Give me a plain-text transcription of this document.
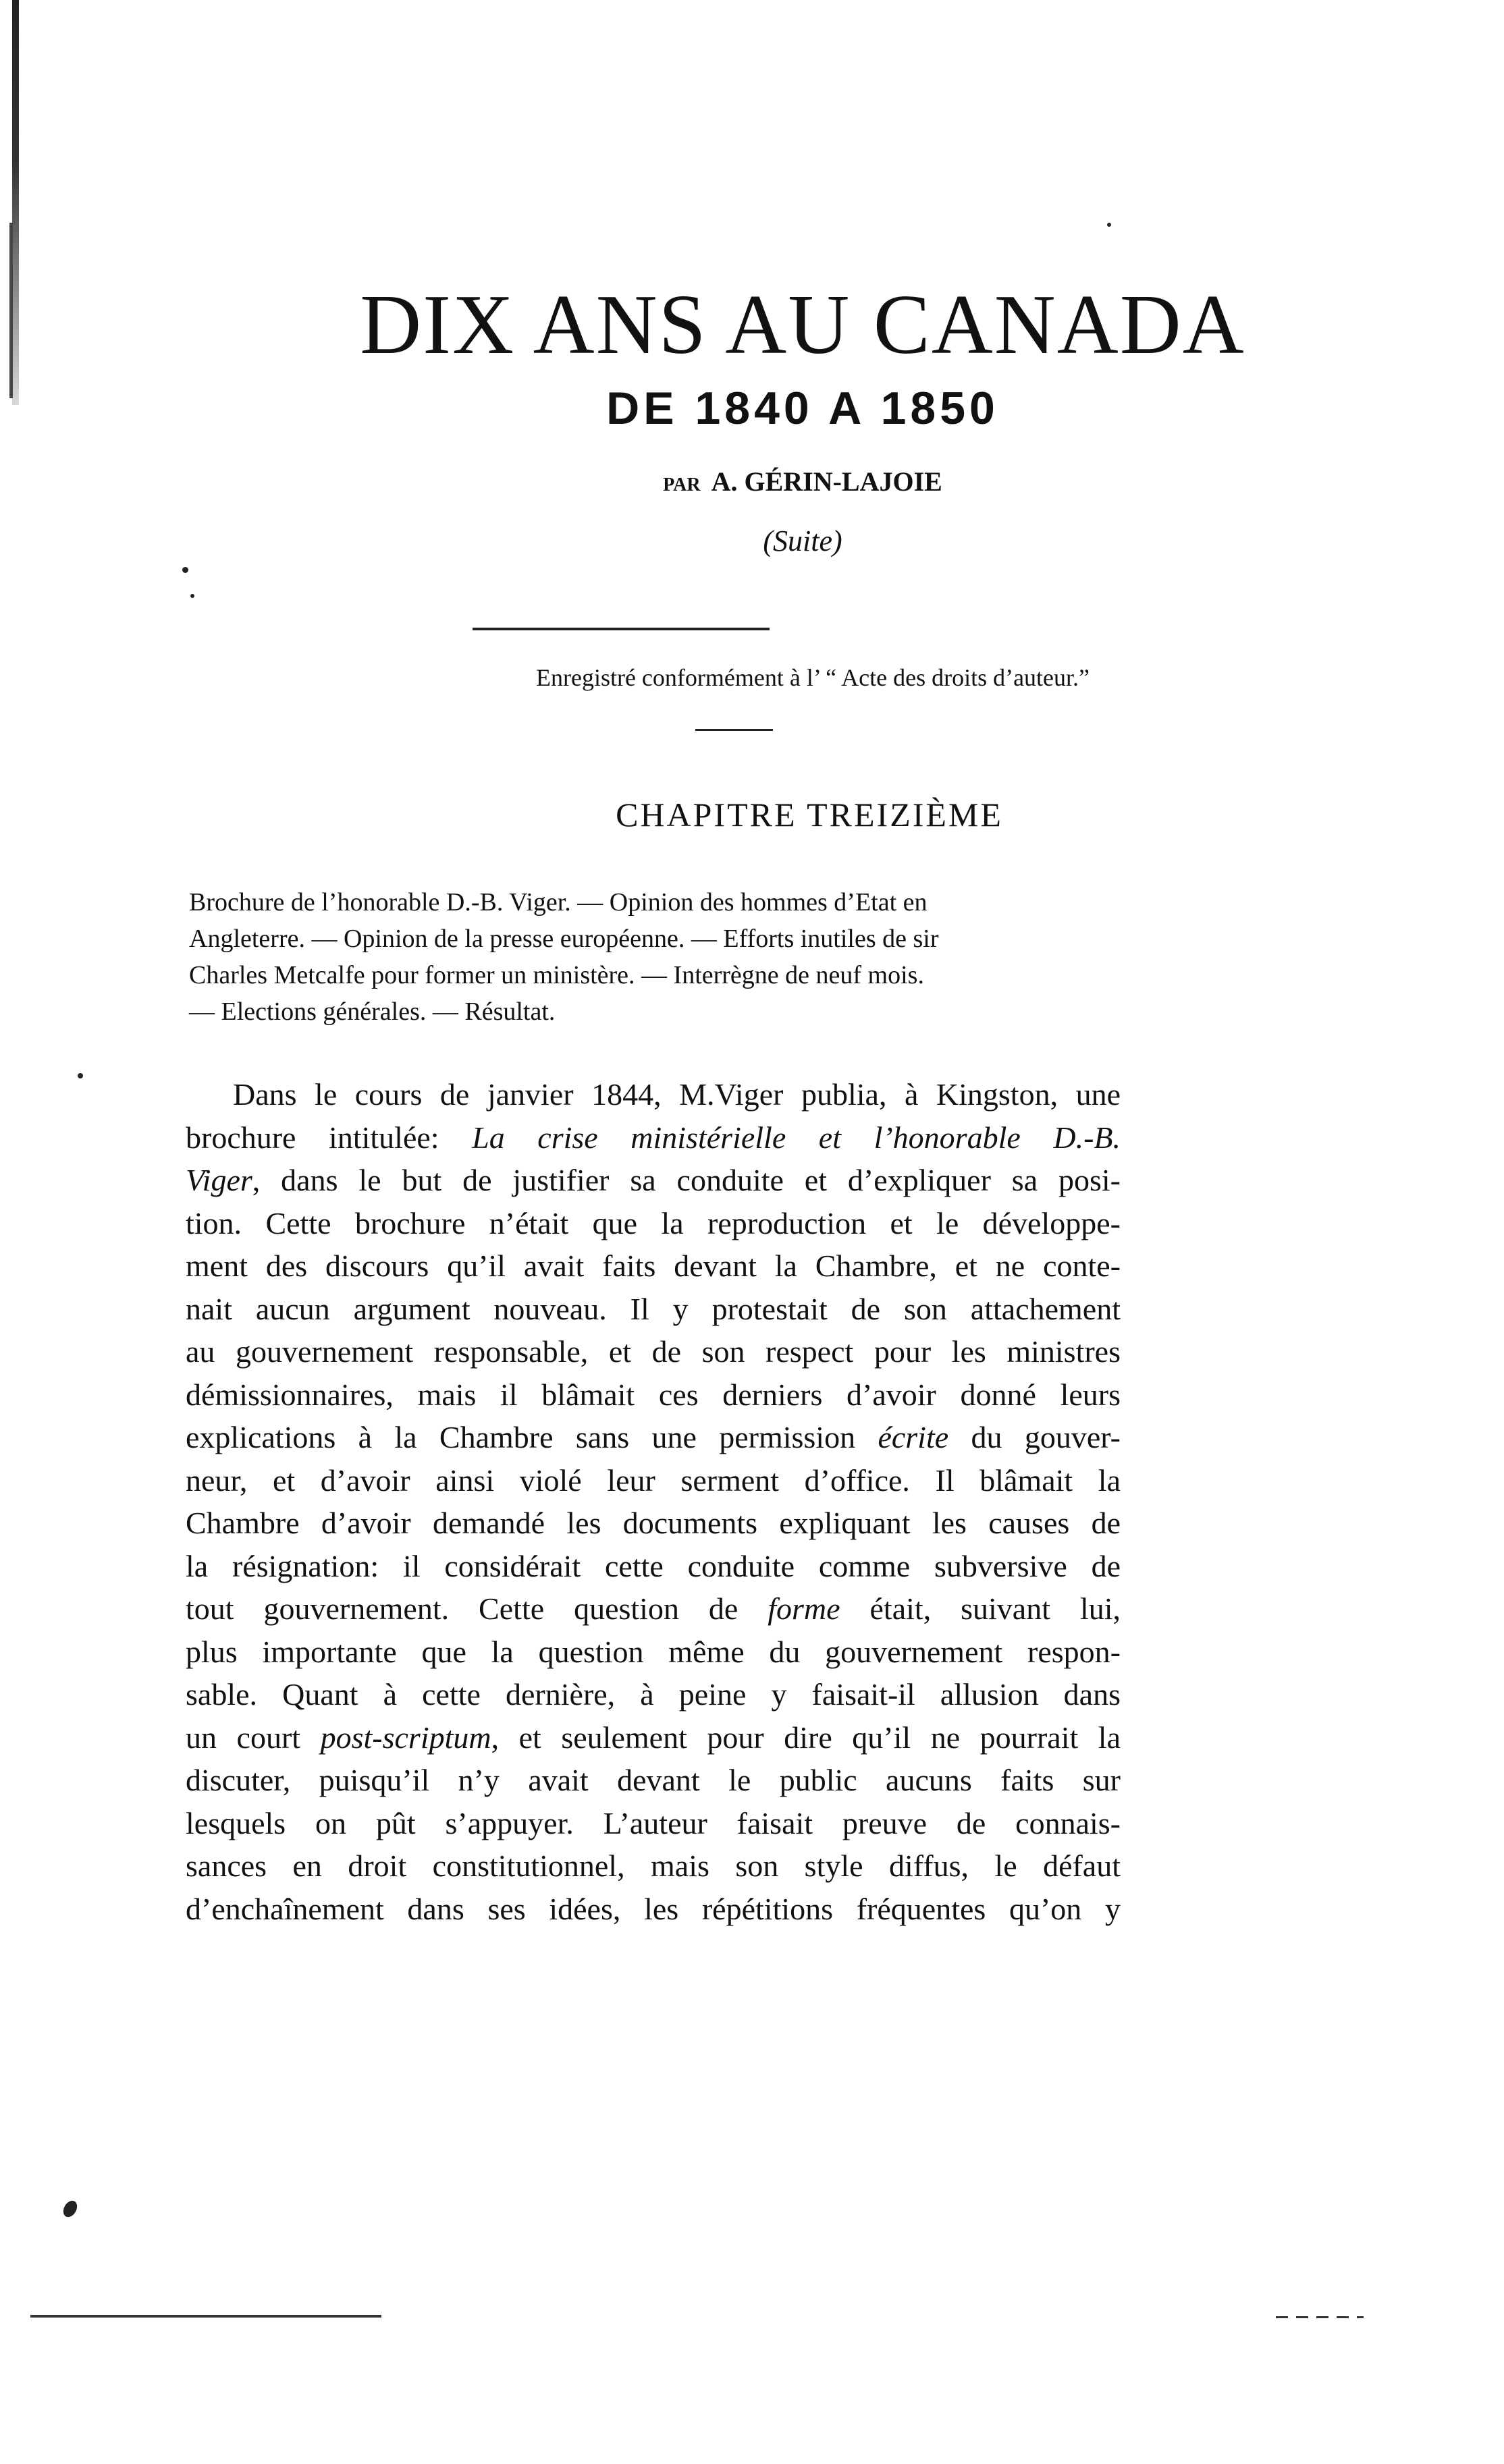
DIX ANS AU CANADA
DE 1840 A 1850
PAR A. GÉRIN-LAJOIE
(Suite)
Enregistré conformément à l’ “ Acte des droits d’auteur.”
CHAPITRE TREIZIÈME
Brochure de l’honorable D.-B. Viger. — Opinion des hommes d’Etat en
Angleterre. — Opinion de la presse européenne. — Efforts inutiles de sir
Charles Metcalfe pour former un ministère. — Interrègne de neuf mois.
— Elections générales. — Résultat.
Dans le cours de janvier 1844, M.Viger publia, à Kingston, une
brochure intitulée: La crise ministérielle et l’honorable D.-B.
Viger, dans le but de justifier sa conduite et d’expliquer sa posi-
tion. Cette brochure n’était que la reproduction et le développe-
ment des discours qu’il avait faits devant la Chambre, et ne conte-
nait aucun argument nouveau. Il y protestait de son attachement
au gouvernement responsable, et de son respect pour les ministres
démissionnaires, mais il blâmait ces derniers d’avoir donné leurs
explications à la Chambre sans une permission écrite du gouver-
neur, et d’avoir ainsi violé leur serment d’office. Il blâmait la
Chambre d’avoir demandé les documents expliquant les causes de
la résignation: il considérait cette conduite comme subversive de
tout gouvernement. Cette question de forme était, suivant lui,
plus importante que la question même du gouvernement respon-
sable. Quant à cette dernière, à peine y faisait-il allusion dans
un court post-scriptum, et seulement pour dire qu’il ne pourrait la
discuter, puisqu’il n’y avait devant le public aucuns faits sur
lesquels on pût s’appuyer. L’auteur faisait preuve de connais-
sances en droit constitutionnel, mais son style diffus, le défaut
d’enchaînement dans ses idées, les répétitions fréquentes qu’on y
